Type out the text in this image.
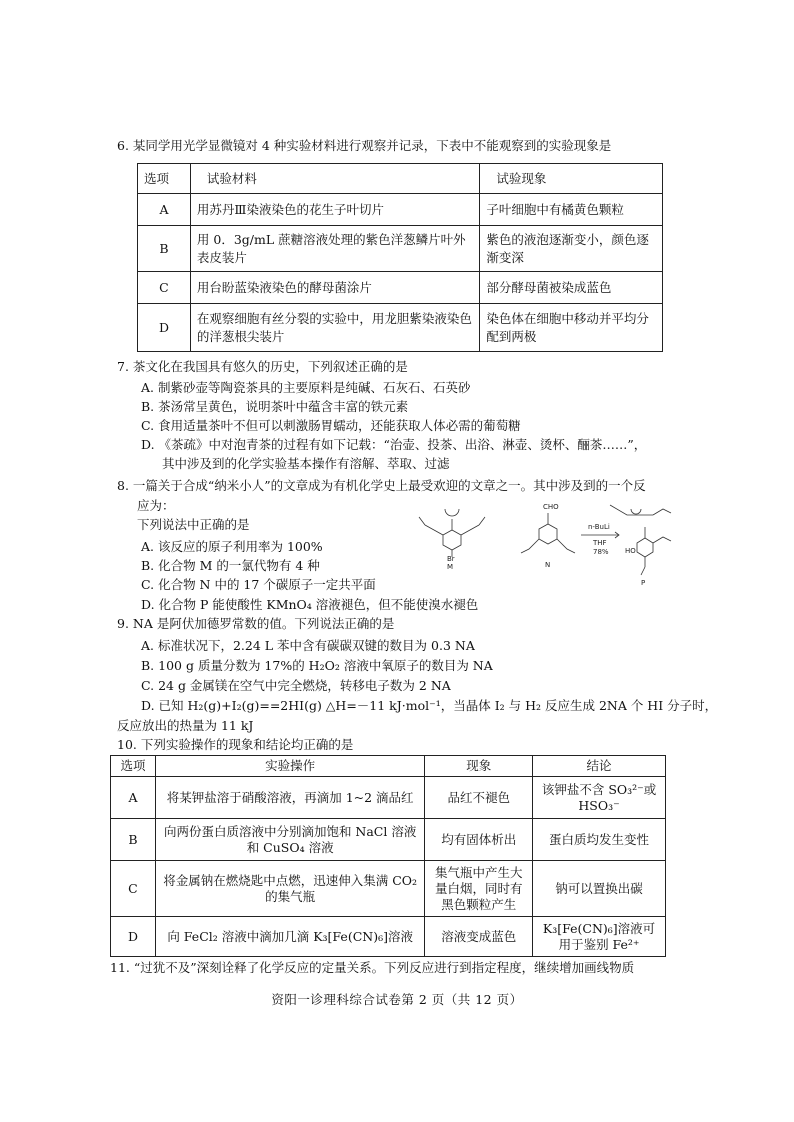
6. 某同学用光学显微镜对 4 种实验材料进行观察并记录，下表中不能观察到的实验现象是
选项	试验材料	试验现象
A	用苏丹Ⅲ染液染色的花生子叶切片	子叶细胞中有橘黄色颗粒
B	用 0．3g/mL 蔗糖溶液处理的紫色洋葱鳞片叶外表皮装片	紫色的液泡逐渐变小，颜色逐渐变深
C	用台盼蓝染液染色的酵母菌涂片	部分酵母菌被染成蓝色
D	在观察细胞有丝分裂的实验中，用龙胆紫染液染色的洋葱根尖装片	染色体在细胞中移动并平均分配到两极
7. 茶文化在我国具有悠久的历史，下列叙述正确的是
A. 制紫砂壶等陶瓷茶具的主要原料是纯碱、石灰石、石英砂
B. 茶汤常呈黄色，说明茶叶中蕴含丰富的铁元素
C. 食用适量茶叶不但可以刺激肠胃蠕动，还能获取人体必需的葡萄糖
D. 《茶疏》中对泡青茶的过程有如下记载：“治壶、投茶、出浴、淋壶、烫杯、酾茶……”，
其中涉及到的化学实验基本操作有溶解、萃取、过滤
8. 一篇关于合成“纳米小人”的文章成为有机化学史上最受欢迎的文章之一。其中涉及到的一个反
应为：
下列说法中正确的是
A. 该反应的原子利用率为 100%
B. 化合物 M 的一氯代物有 4 种
C. 化合物 N 中的 17 个碳原子一定共平面
D. 化合物 P 能使酸性 KMnO₄ 溶液褪色，但不能使溴水褪色
M
Br
CHO
N
n-BuLi
THF
78% HO
P
9. NA 是阿伏加德罗常数的值。下列说法正确的是
A. 标准状况下，2.24 L 苯中含有碳碳双键的数目为 0.3 NA
B. 100 g 质量分数为 17%的 H₂O₂ 溶液中氧原子的数目为 NA
C. 24 g 金属镁在空气中完全燃烧，转移电子数为 2 NA
D. 已知 H₂(g)+I₂(g)==2HI(g) △H=－11 kJ·mol⁻¹，当晶体 I₂ 与 H₂ 反应生成 2NA 个 HI 分子时，
反应放出的热量为 11 kJ
10. 下列实验操作的现象和结论均正确的是
选项	实验操作	现象	结论
A	将某钾盐溶于硝酸溶液，再滴加 1~2 滴品红	品红不褪色	该钾盐不含 SO₃²⁻或 HSO₃⁻
B	向两份蛋白质溶液中分别滴加饱和 NaCl 溶液和 CuSO₄ 溶液	均有固体析出	蛋白质均发生变性
C	将金属钠在燃烧匙中点燃，迅速伸入集满 CO₂ 的集气瓶	集气瓶中产生大量白烟，同时有黑色颗粒产生	钠可以置换出碳
D	向 FeCl₂ 溶液中滴加几滴 K₃[Fe(CN)₆]溶液	溶液变成蓝色	K₃[Fe(CN)₆]溶液可用于鉴别 Fe²⁺
11. “过犹不及”深刻诠释了化学反应的定量关系。下列反应进行到指定程度，继续增加画线物质
资阳一诊理科综合试卷第 2 页（共 12 页）
